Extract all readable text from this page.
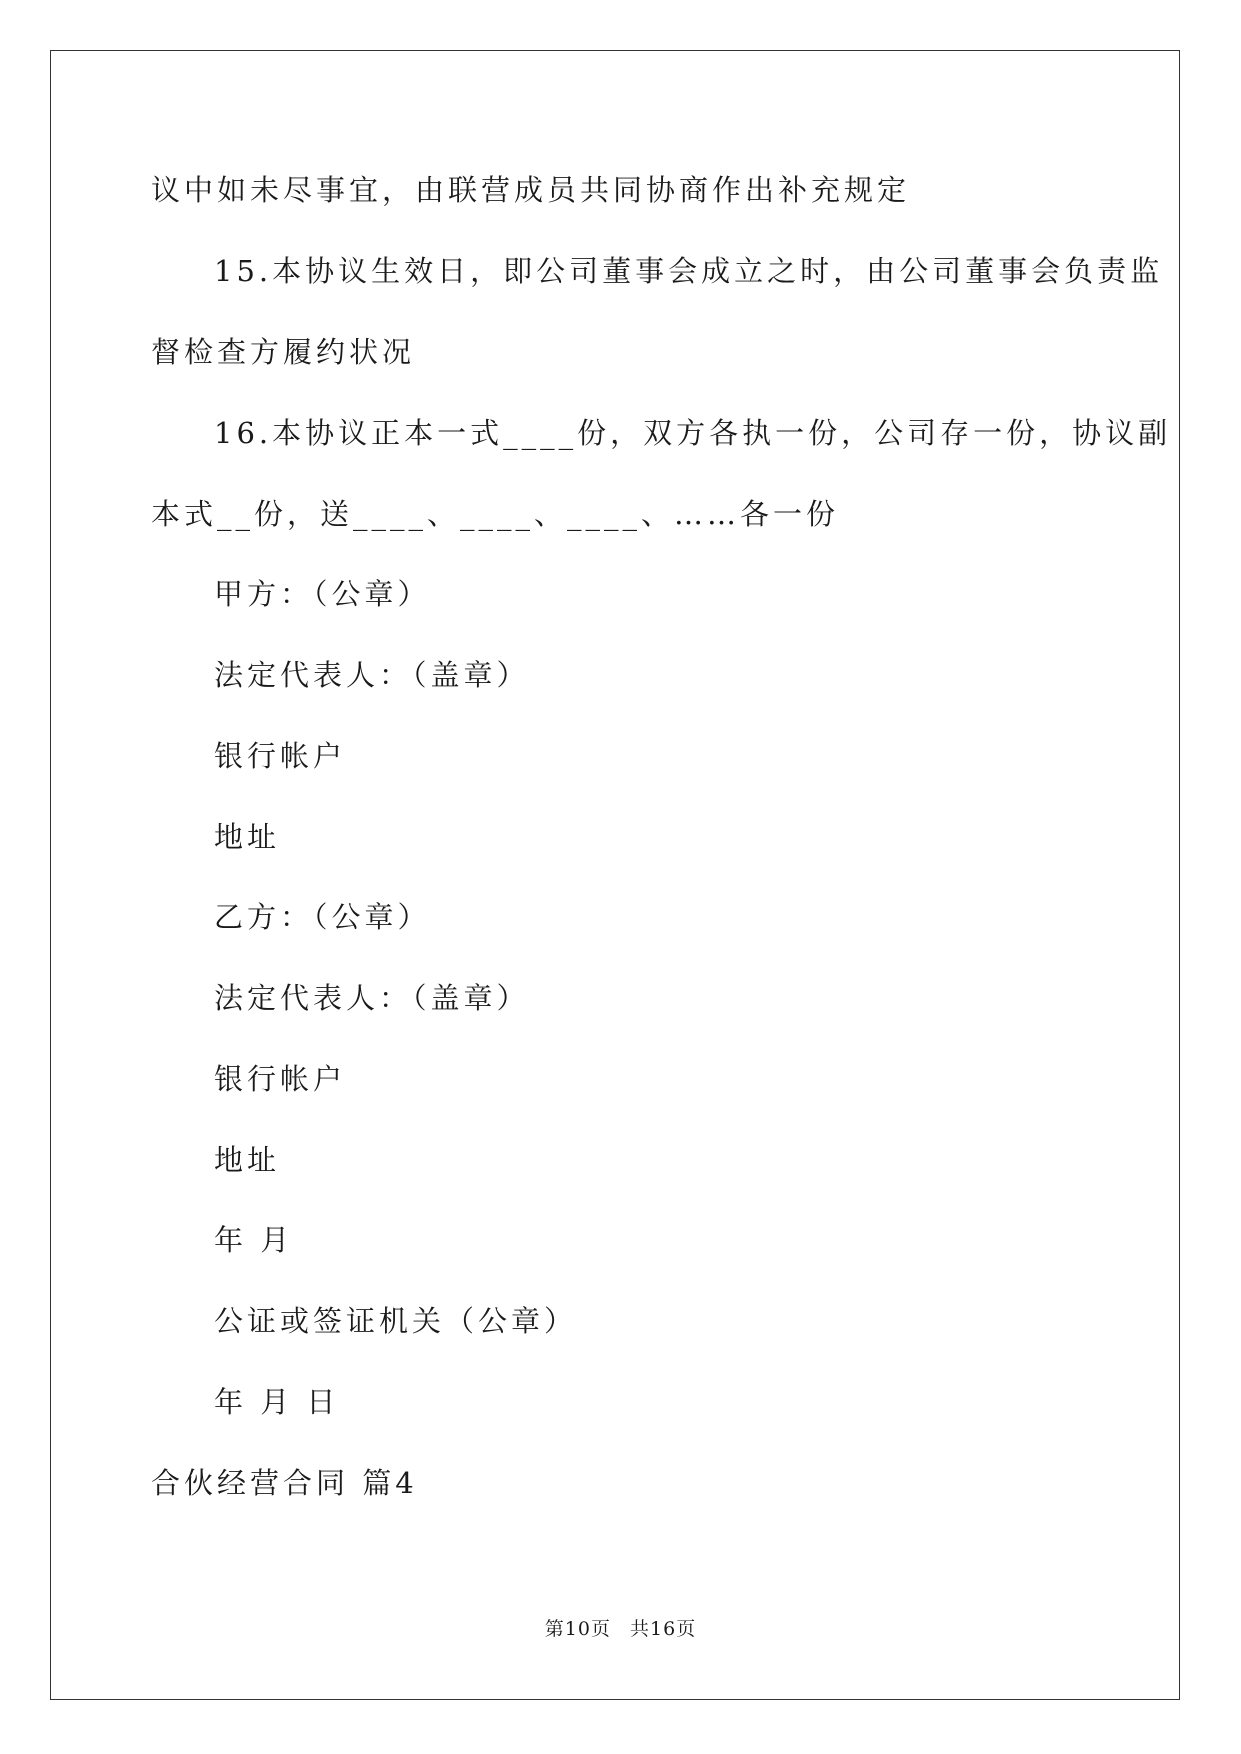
议中如未尽事宜，由联营成员共同协商作出补充规定
15.本协议生效日，即公司董事会成立之时，由公司董事会负责监
督检查方履约状况
16.本协议正本一式____份，双方各执一份，公司存一份，协议副
本式__份，送____、____、____、……各一份
甲方：（公章）
法定代表人：（盖章）
银行帐户
地址
乙方：（公章）
法定代表人：（盖章）
银行帐户
地址
年 月
公证或签证机关（公章）
年 月 日
合伙经营合同 篇4
第10页 共16页
